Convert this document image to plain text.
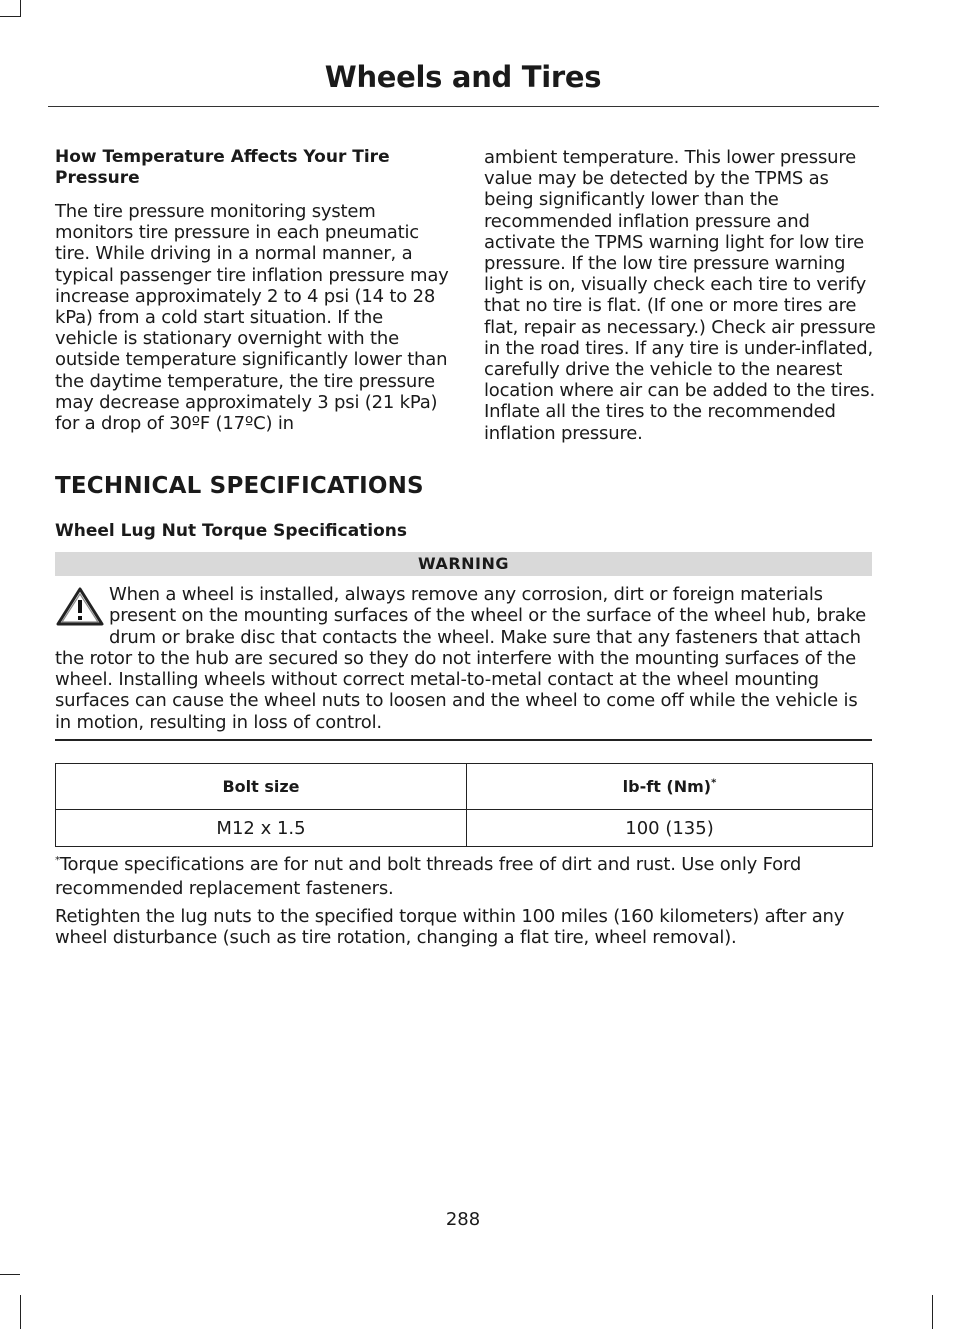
Wheels and Tires
How Temperature Affects Your Tire Pressure

The tire pressure monitoring system monitors tire pressure in each pneumatic tire. While driving in a normal manner, a typical passenger tire inflation pressure may increase approximately 2 to 4 psi (14 to 28 kPa) from a cold start situation. If the vehicle is stationary overnight with the outside temperature significantly lower than the daytime temperature, the tire pressure may decrease approximately 3 psi (21 kPa) for a drop of 30ºF (17ºC) in

ambient temperature. This lower pressure value may be detected by the TPMS as being significantly lower than the recommended inflation pressure and activate the TPMS warning light for low tire pressure. If the low tire pressure warning light is on, visually check each tire to verify that no tire is flat. (If one or more tires are flat, repair as necessary.) Check air pressure in the road tires. If any tire is under-inflated, carefully drive the vehicle to the nearest location where air can be added to the tires. Inflate all the tires to the recommended inflation pressure.

TECHNICAL SPECIFICATIONS
Wheel Lug Nut Torque Specifications
WARNING
When a wheel is installed, always remove any corrosion, dirt or foreign materials present on the mounting surfaces of the wheel or the surface of the wheel hub, brake drum or brake disc that contacts the wheel. Make sure that any fasteners that attach the rotor to the hub are secured so they do not interfere with the mounting surfaces of the wheel. Installing wheels without correct metal-to-metal contact at the wheel mounting surfaces can cause the wheel nuts to loosen and the wheel to come off while the vehicle is in motion, resulting in loss of control.
Bolt size	lb-ft (Nm)*
M12 x 1.5	100 (135)

*Torque specifications are for nut and bolt threads free of dirt and rust. Use only Ford recommended replacement fasteners.

Retighten the lug nuts to the specified torque within 100 miles (160 kilometers) after any wheel disturbance (such as tire rotation, changing a flat tire, wheel removal).

288
